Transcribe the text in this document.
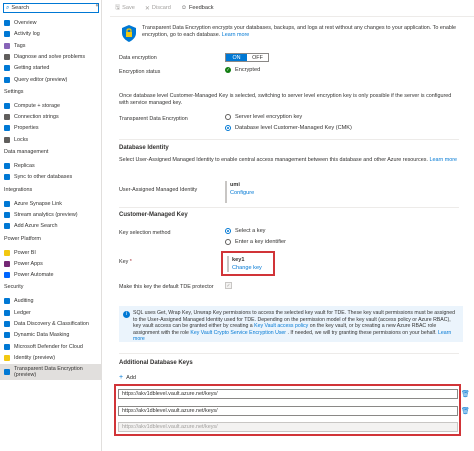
⌕
Search	«
Overview
Activity log
Tags
Diagnose and solve problems
Getting started
Query editor (preview)
Settings
Compute + storage
Connection strings
Properties
Locks
Data management
Replicas
Sync to other databases
Integrations
Azure Synapse Link
Stream analytics (preview)
Add Azure Search
Power Platform
Power BI
Power Apps
Power Automate
Security
Auditing
Ledger
Data Discovery & Classification
Dynamic Data Masking
Microsoft Defender for Cloud
Identity (preview)
Transparent Data Encryption (preview)
🖫 Save ✕ Discard ☺ Feedback
Transparent Data Encryption encrypts your databases, backups, and logs at rest without any changes to your application. To enable encryption, go to each database. Learn more
Data encryption	ON	OFF
Encryption status	✓ Encrypted
Once database level Customer-Managed Key is selected, switching to server level encryption key is only possible if the server is configured with service managed key.
Transparent Data Encryption	Server level encryption key
Database level Customer-Managed Key (CMK)
Database Identity
Select User-Assigned Managed Identity to enable central access management between this database and other Azure resources. Learn more
User-Assigned Managed Identity
umi
Configure
Customer-Managed Key
Key selection method	Select a key
Enter a key identifier
Key *	key1
Change key
Make this key the default TDE protector	✓
i	SQL uses Get, Wrap Key, Unwrap Key permissions to access the selected key vault for TDE. These key vault permissions must be assigned to the User-Assigned Managed Identity used for TDE. Depending on the permission model of the key vault (access policy or Azure RBAC), key vault access can be granted either by creating a Key Vault access policy on the key vault, or by creating a new Azure RBAC role assignment with the role Key Vault Crypto Service Encryption User . If needed, we will try granting these permissions on your behalf. Learn more
Additional Database Keys
+ Add
https://akv1dblevel.vault.azure.net/keys/	🗑
https://akv1dblevel.vault.azure.net/keys/	🗑
https://akv1dblevel.vault.azure.net/keys/
